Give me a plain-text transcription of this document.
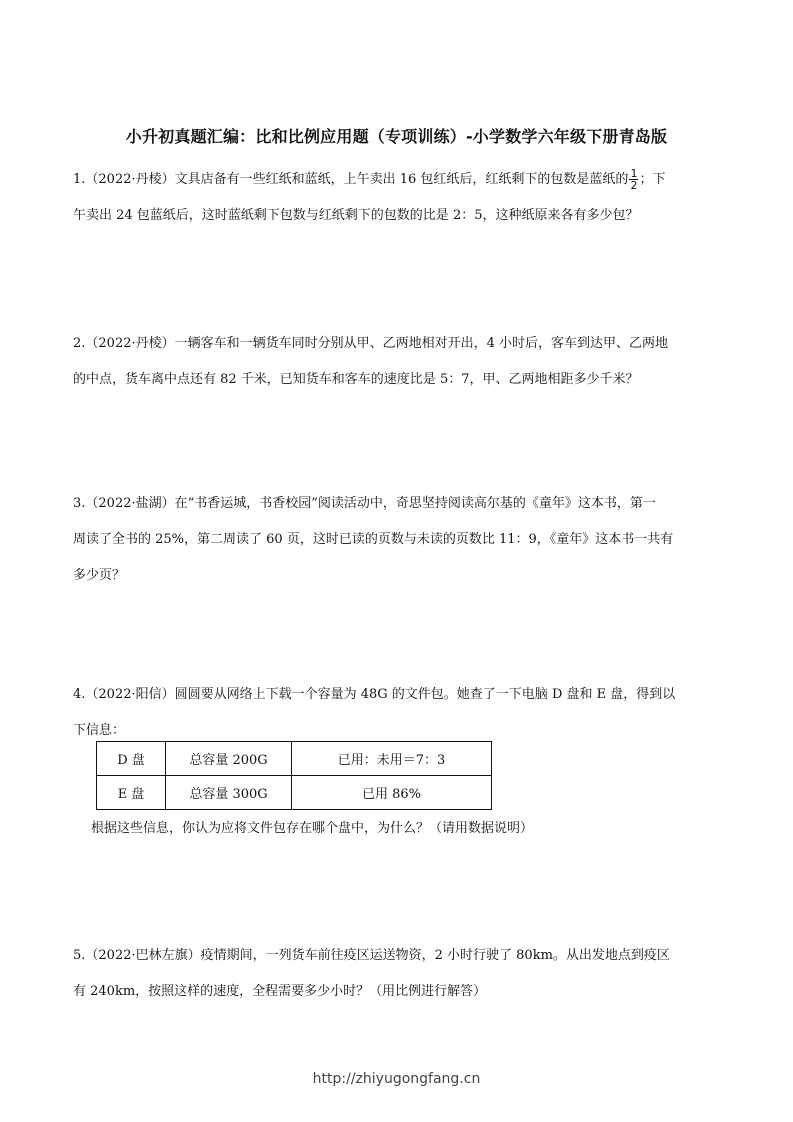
小升初真题汇编：比和比例应用题（专项训练）-小学数学六年级下册青岛版
1.（2022·丹棱）文具店备有一些红纸和蓝纸，上午卖出 16 包红纸后，红纸剩下的包数是蓝纸的 $\frac{1}{2}$ ；下
午卖出 24 包蓝纸后，这时蓝纸剩下包数与红纸剩下的包数的比是 2：5，这种纸原来各有多少包？
2.（2022·丹棱）一辆客车和一辆货车同时分别从甲、乙两地相对开出，4 小时后，客车到达甲、乙两地
的中点，货车离中点还有 82 千米，已知货车和客车的速度比是 5：7，甲、乙两地相距多少千米？
3.（2022·盐湖）在“书香运城，书香校园”阅读活动中，奇思坚持阅读高尔基的《童年》这本书，第一
周读了全书的 25%，第二周读了 60 页，这时已读的页数与未读的页数比 11：9，《童年》这本书一共有
多少页？
4.（2022·阳信）圆圆要从网络上下载一个容量为 48G 的文件包。她查了一下电脑 D 盘和 E 盘，得到以
下信息：
D 盘	总容量 200G	已用：未用＝7：3
E 盘	总容量 300G	已用 86%
根据这些信息，你认为应将文件包存在哪个盘中，为什么？（请用数据说明）
5.（2022·巴林左旗）疫情期间，一列货车前往疫区运送物资，2 小时行驶了 80km。从出发地点到疫区
有 240km，按照这样的速度，全程需要多少小时？（用比例进行解答）
http://zhiyugongfang.cn
